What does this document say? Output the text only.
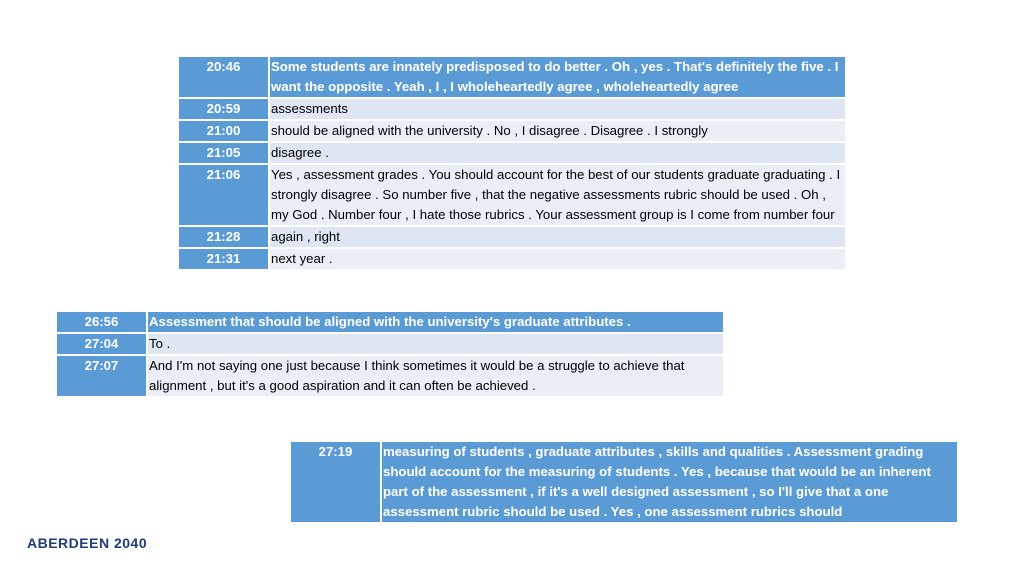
20:46	Some students are innately predisposed to do better . Oh , yes . That's definitely the five . I want the opposite . Yeah , I , I wholeheartedly agree , wholeheartedly agree
20:59	assessments
21:00	should be aligned with the university . No , I disagree . Disagree . I strongly
21:05	disagree .
21:06	Yes , assessment grades . You should account for the best of our students graduate graduating . I strongly disagree . So number five , that the negative assessments rubric should be used . Oh , my God . Number four , I hate those rubrics . Your assessment group is I come from number four
21:28	again , right
21:31	next year .
26:56	Assessment that should be aligned with the university's graduate attributes .
27:04	To .
27:07	And I'm not saying one just because I think sometimes it would be a struggle to achieve that alignment , but it's a good aspiration and it can often be achieved .
27:19	measuring of students , graduate attributes , skills and qualities . Assessment grading should account for the measuring of students . Yes , because that would be an inherent part of the assessment , if it's a well designed assessment , so I'll give that a one assessment rubric should be used . Yes , one assessment rubrics should
ABERDEEN 2040
